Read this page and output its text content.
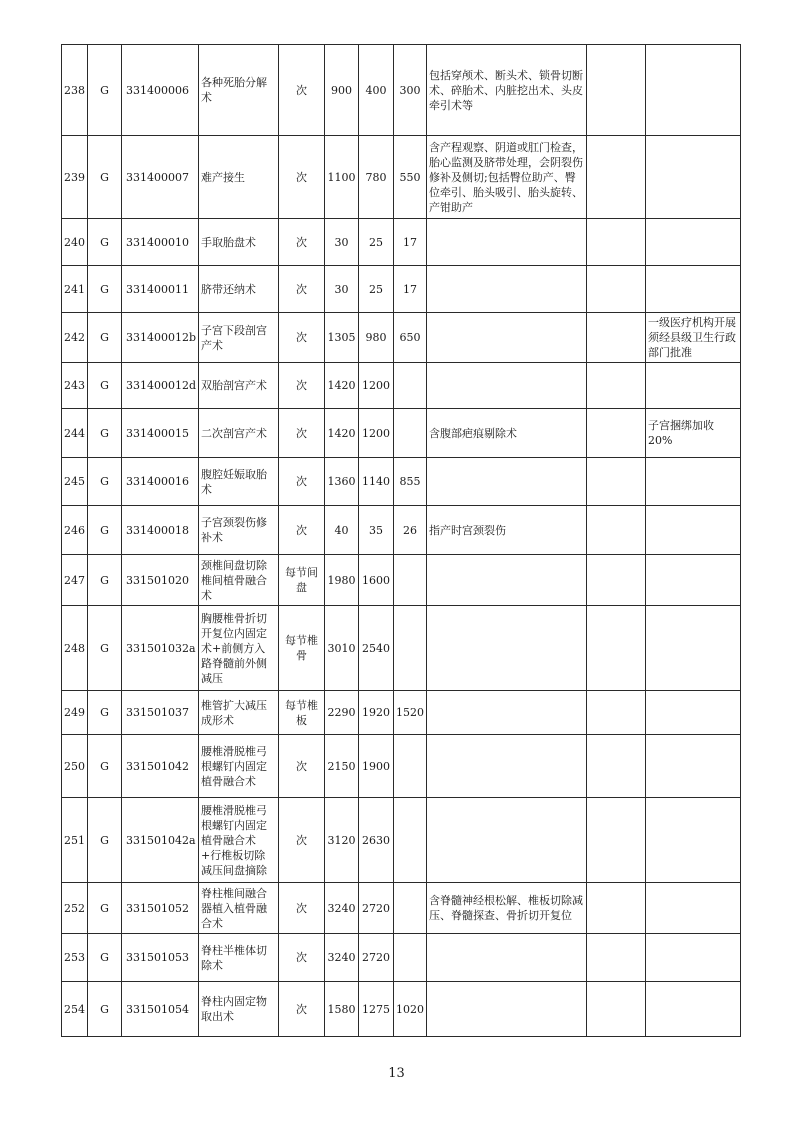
238	G	331400006	各种死胎分解术	次	900	400	300	包括穿颅术、断头术、锁骨切断术、碎胎术、内脏挖出术、头皮牵引术等		
239	G	331400007	难产接生	次	1100	780	550	含产程观察、阴道或肛门检查，胎心监测及脐带处理，会阴裂伤修补及侧切;包括臀位助产、臀位牵引、胎头吸引、胎头旋转、产钳助产		
240	G	331400010	手取胎盘术	次	30	25	17			
241	G	331400011	脐带还纳术	次	30	25	17			
242	G	331400012b	子宫下段剖宫产术	次	1305	980	650			一级医疗机构开展须经县级卫生行政部门批准
243	G	331400012d	双胎剖宫产术	次	1420	1200				
244	G	331400015	二次剖宫产术	次	1420	1200		含腹部疤痕剔除术		子宫捆绑加收20%
245	G	331400016	腹腔妊娠取胎术	次	1360	1140	855			
246	G	331400018	子宫颈裂伤修补术	次	40	35	26	指产时宫颈裂伤		
247	G	331501020	颈椎间盘切除椎间植骨融合术	每节间盘	1980	1600				
248	G	331501032a	胸腰椎骨折切开复位内固定术+前侧方入路脊髓前外侧减压	每节椎骨	3010	2540				
249	G	331501037	椎管扩大减压成形术	每节椎板	2290	1920	1520			
250	G	331501042	腰椎滑脱椎弓根螺钉内固定植骨融合术	次	2150	1900				
251	G	331501042a	腰椎滑脱椎弓根螺钉内固定植骨融合术+行椎板切除减压间盘摘除	次	3120	2630				
252	G	331501052	脊柱椎间融合器植入植骨融合术	次	3240	2720		含脊髓神经根松解、椎板切除减压、脊髓探查、骨折切开复位		
253	G	331501053	脊柱半椎体切除术	次	3240	2720				
254	G	331501054	脊柱内固定物取出术	次	1580	1275	1020			
13
